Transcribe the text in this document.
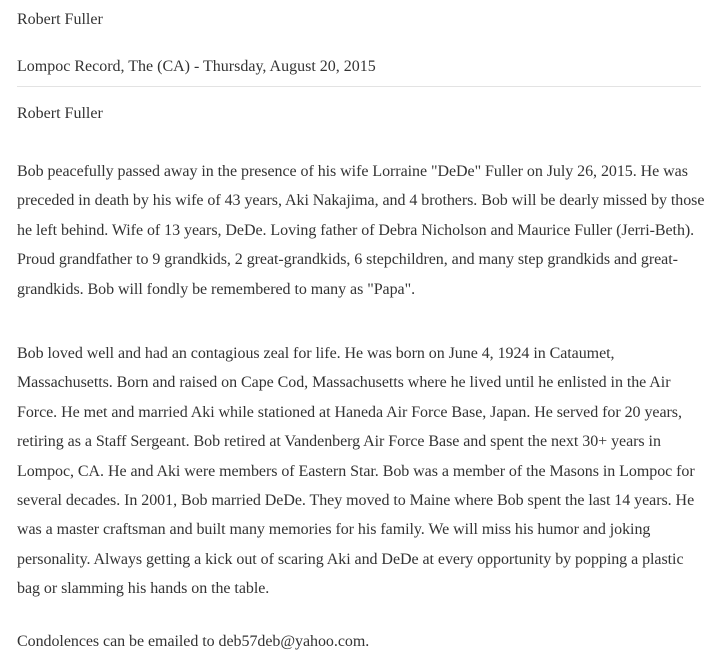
Robert Fuller
Lompoc Record, The (CA) - Thursday, August 20, 2015
Robert Fuller

Bob peacefully passed away in the presence of his wife Lorraine "DeDe" Fuller on July 26, 2015. He was preceded in death by his wife of 43 years, Aki Nakajima, and 4 brothers. Bob will be dearly missed by those he left behind. Wife of 13 years, DeDe. Loving father of Debra Nicholson and Maurice Fuller (Jerri-Beth). Proud grandfather to 9 grandkids, 2 great-grandkids, 6 stepchildren, and many step grandkids and great-grandkids. Bob will fondly be remembered to many as "Papa".

Bob loved well and had an contagious zeal for life. He was born on June 4, 1924 in Cataumet, Massachusetts. Born and raised on Cape Cod, Massachusetts where he lived until he enlisted in the Air Force. He met and married Aki while stationed at Haneda Air Force Base, Japan. He served for 20 years, retiring as a Staff Sergeant. Bob retired at Vandenberg Air Force Base and spent the next 30+ years in Lompoc, CA. He and Aki were members of Eastern Star. Bob was a member of the Masons in Lompoc for several decades. In 2001, Bob married DeDe. They moved to Maine where Bob spent the last 14 years. He was a master craftsman and built many memories for his family. We will miss his humor and joking personality. Always getting a kick out of scaring Aki and DeDe at every opportunity by popping a plastic bag or slamming his hands on the table.

Condolences can be emailed to deb57deb@yahoo.com.
